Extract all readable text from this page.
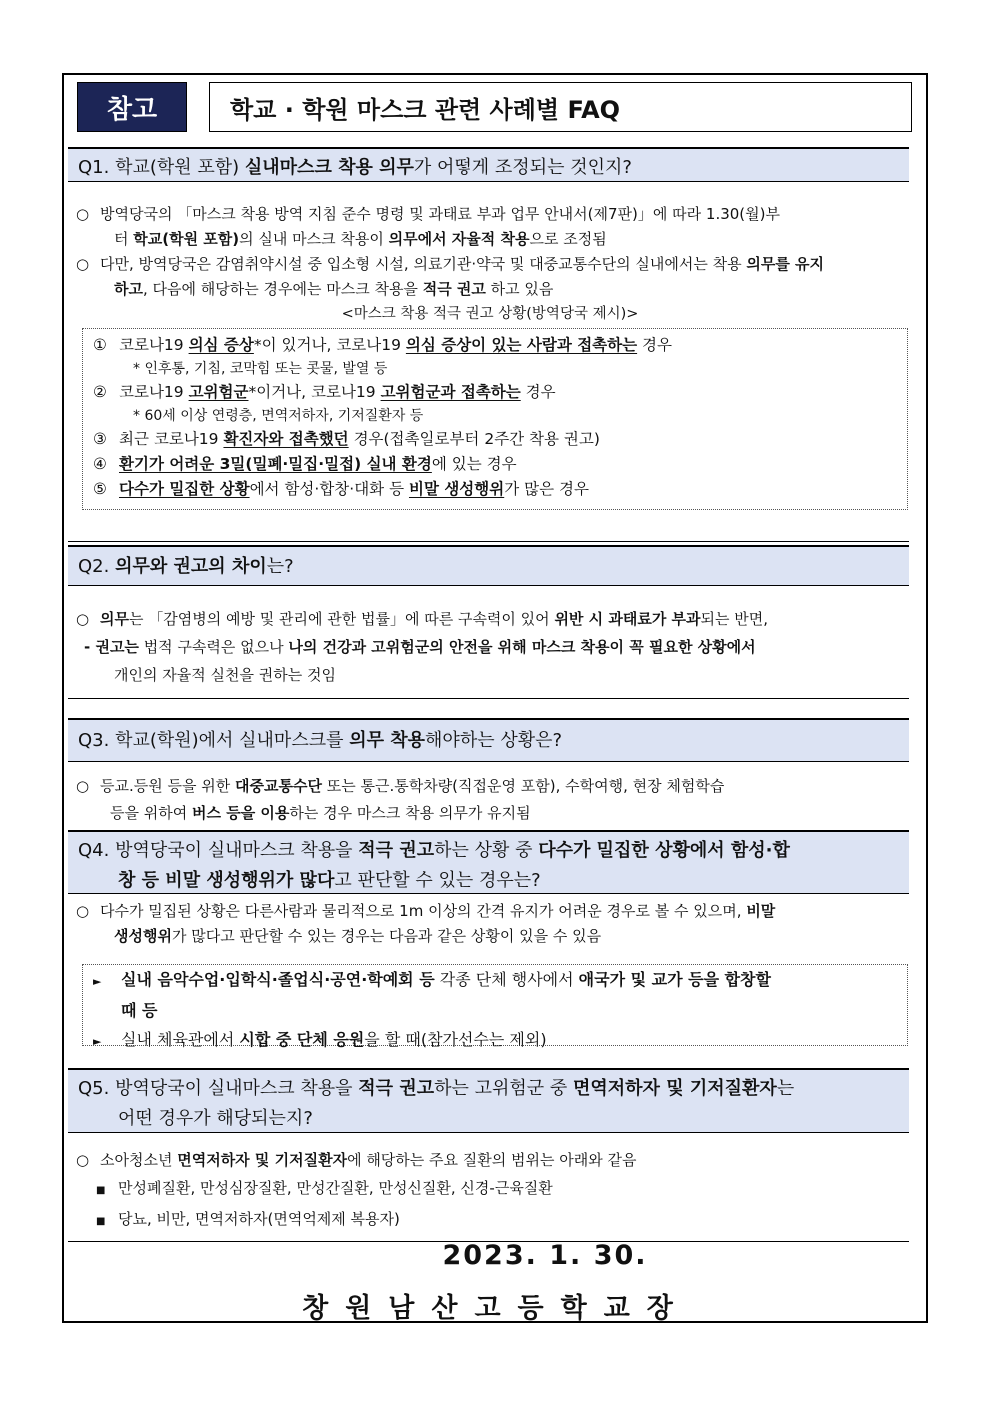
참고	학교 · 학원 마스크 관련 사례별 FAQ
Q1. 학교(학원 포함) 실내마스크 착용 의무가 어떻게 조정되는 것인지?
○ 방역당국의 「마스크 착용 방역 지침 준수 명령 및 과태료 부과 업무 안내서(제7판)」에 따라 1.30(월)부
터 학교(학원 포함)의 실내 마스크 착용이 의무에서 자율적 착용으로 조정됨
○ 다만, 방역당국은 감염취약시설 중 입소형 시설, 의료기관·약국 및 대중교통수단의 실내에서는 착용 의무를 유지
하고, 다음에 해당하는 경우에는 마스크 착용을 적극 권고 하고 있음
<마스크 착용 적극 권고 상황(방역당국 제시)>
① 코로나19 의심 증상*이 있거나, 코로나19 의심 증상이 있는 사람과 접촉하는 경우
* 인후통, 기침, 코막힘 또는 콧물, 발열 등
② 코로나19 고위험군*이거나, 코로나19 고위험군과 접촉하는 경우
* 60세 이상 연령층, 면역저하자, 기저질환자 등
③ 최근 코로나19 확진자와 접촉했던 경우(접촉일로부터 2주간 착용 권고)
④ 환기가 어려운 3밀(밀폐·밀집·밀접) 실내 환경에 있는 경우
⑤ 다수가 밀집한 상황에서 함성·합창·대화 등 비말 생성행위가 많은 경우
Q2. 의무와 권고의 차이는?
○ 의무는 「감염병의 예방 및 관리에 관한 법률」에 따른 구속력이 있어 위반 시 과태료가 부과되는 반면,
- 권고는 법적 구속력은 없으나 나의 건강과 고위험군의 안전을 위해 마스크 착용이 꼭 필요한 상황에서
개인의 자율적 실천을 권하는 것임
Q3. 학교(학원)에서 실내마스크를 의무 착용해야하는 상황은?
○ 등교.등원 등을 위한 대중교통수단 또는 통근.통학차량(직접운영 포함), 수학여행, 현장 체험학습
등을 위하여 버스 등을 이용하는 경우 마스크 착용 의무가 유지됨
Q4. 방역당국이 실내마스크 착용을 적극 권고하는 상황 중 다수가 밀집한 상황에서 함성·합
창 등 비말 생성행위가 많다고 판단할 수 있는 경우는?
○ 다수가 밀집된 상황은 다른사람과 물리적으로 1m 이상의 간격 유지가 어려운 경우로 볼 수 있으며, 비말
생성행위가 많다고 판단할 수 있는 경우는 다음과 같은 상황이 있을 수 있음
► 실내 음악수업·입학식·졸업식·공연·학예회 등 각종 단체 행사에서 애국가 및 교가 등을 합창할
때 등
► 실내 체육관에서 시합 중 단체 응원을 할 때(참가선수는 제외)
Q5. 방역당국이 실내마스크 착용을 적극 권고하는 고위험군 중 면역저하자 및 기저질환자는
어떤 경우가 해당되는지?
○ 소아청소년 면역저하자 및 기저질환자에 해당하는 주요 질환의 범위는 아래와 같음
■ 만성폐질환, 만성심장질환, 만성간질환, 만성신질환, 신경-근육질환
■ 당뇨, 비만, 면역저하자(면역억제제 복용자)
2023. 1. 30.
창원남산고등학교장
